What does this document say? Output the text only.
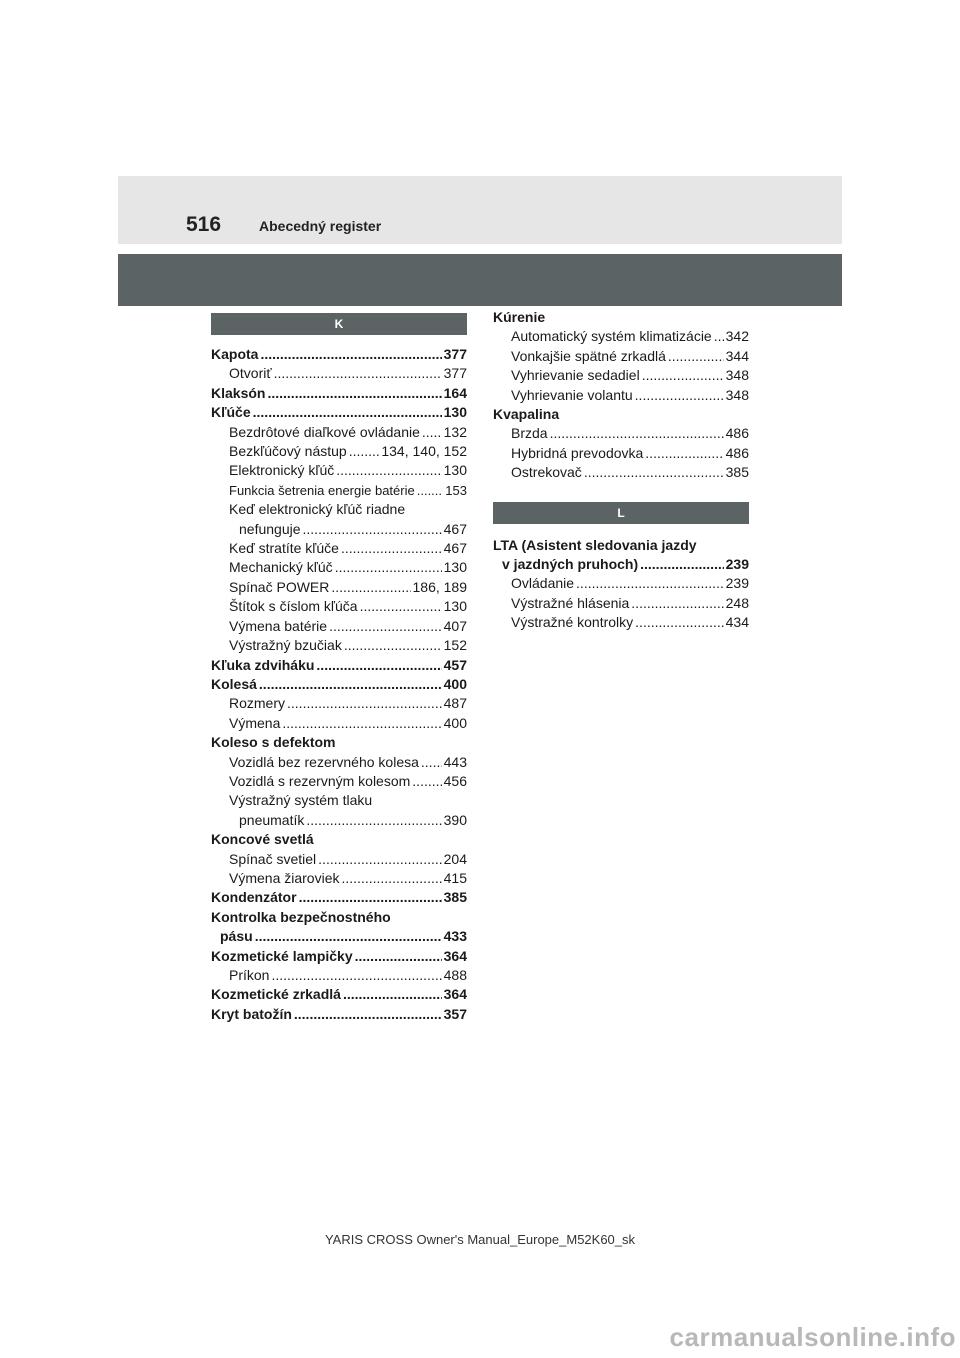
516	Abecedný register
K
Kapota .....	377
Otvoriť .....	377
Klaksón .....	164
Kľúče .....	130
Bezdrôtové diaľkové ovládanie ..... 132
Bezkľúčový nástup ..... 134, 140, 152
Elektronický kľúč .....	130
Funkcia šetrenia energie batérie ..... 153
Keď elektronický kľúč riadne
nefunguje .....	467
Keď stratíte kľúče .....	467
Mechanický kľúč .....	130
Spínač POWER .....	186, 189
Štítok s číslom kľúča .....	130
Výmena batérie .....	407
Výstražný bzučiak .....	152
Kľuka zdviháku .....	457
Kolesá .....	400
Rozmery .....	487
Výmena .....	400
Koleso s defektom
Vozidlá bez rezervného kolesa ..... 443
Vozidlá s rezervným kolesom ..... 456
Výstražný systém tlaku
pneumatík .....	390
Koncové svetlá
Spínač svetiel .....	204
Výmena žiaroviek .....	415
Kondenzátor .....	385
Kontrolka bezpečnostného
pásu .....	433
Kozmetické lampičky .....	364
Príkon .....	488
Kozmetické zrkadlá .....	364
Kryt batožín .....	357
Kúrenie
Automatický systém klimatizácie ..... 342
Vonkajšie spätné zrkadlá .....	344
Vyhrievanie sedadiel .....	348
Vyhrievanie volantu .....	348
Kvapalina
Brzda .....	486
Hybridná prevodovka .....	486
Ostrekovač .....	385
L
LTA (Asistent sledovania jazdy
v jazdných pruhoch) .....	239
Ovládanie .....	239
Výstražné hlásenia .....	248
Výstražné kontrolky .....	434
YARIS CROSS Owner's Manual_Europe_M52K60_sk
carmanualsonline.info
